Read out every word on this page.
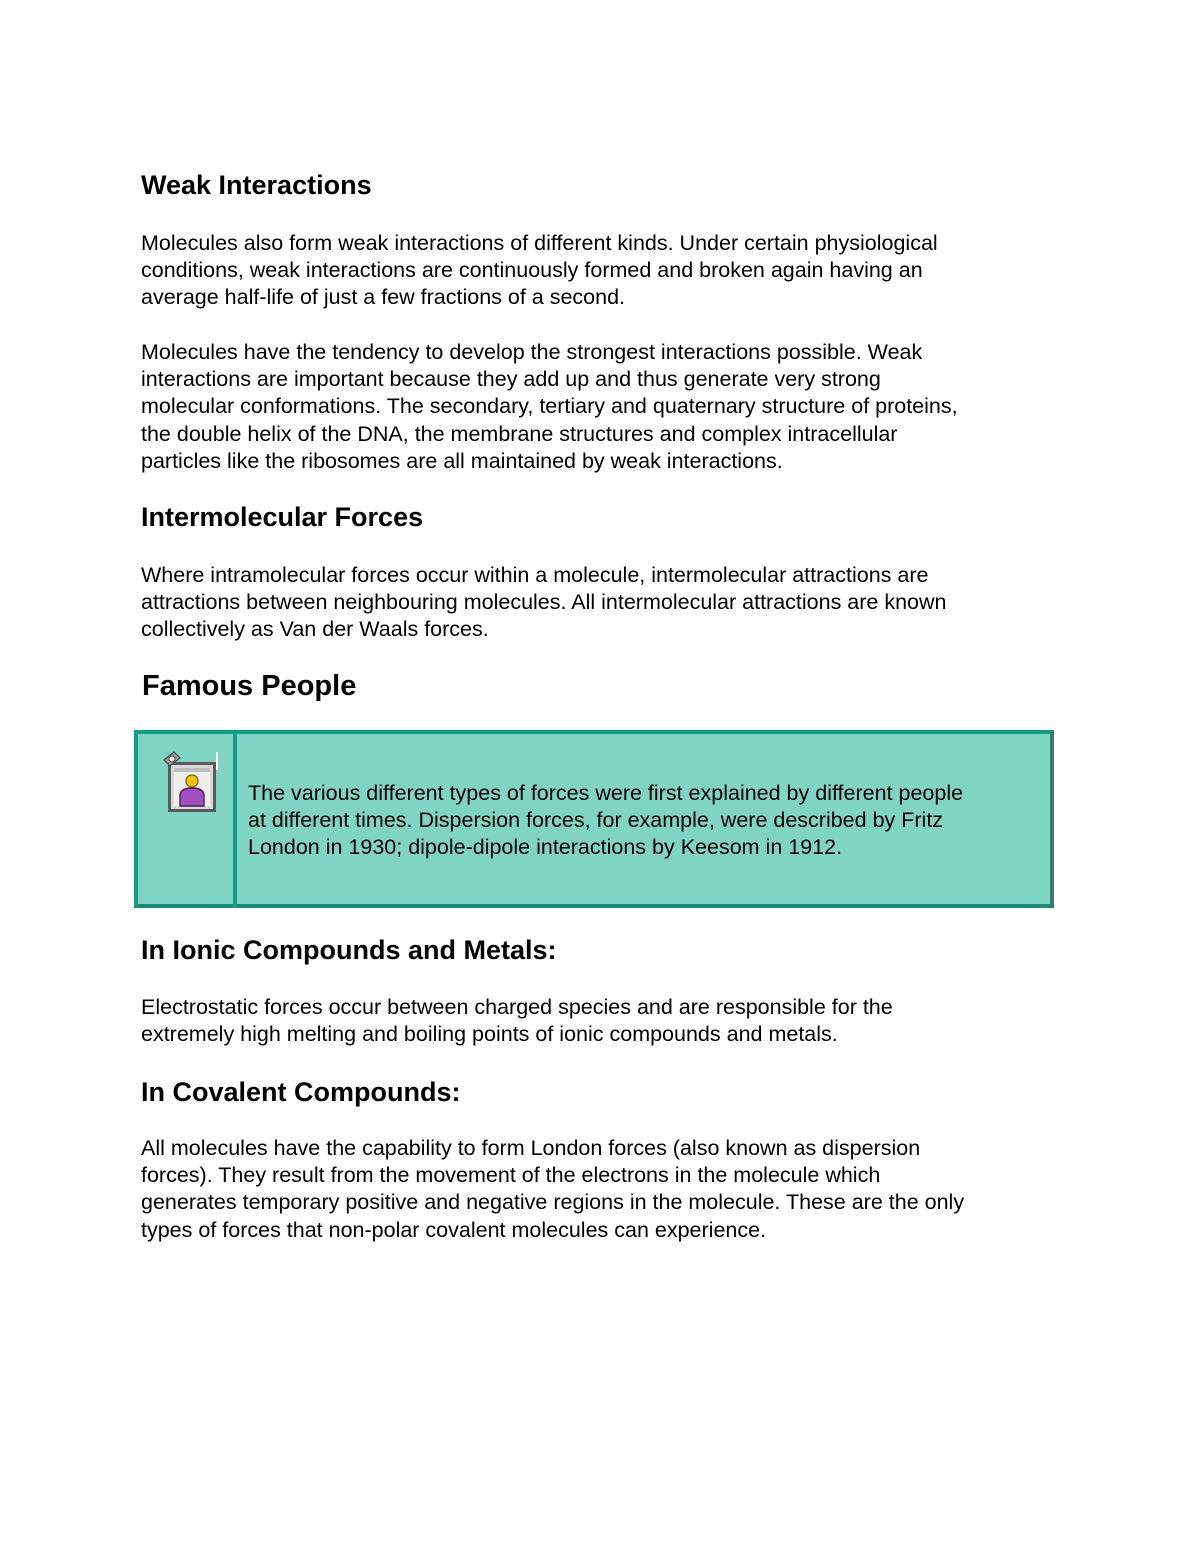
Weak Interactions

Molecules also form weak interactions of different kinds. Under certain physiological
conditions, weak interactions are continuously formed and broken again having an
average half-life of just a few fractions of a second.

Molecules have the tendency to develop the strongest interactions possible. Weak
interactions are important because they add up and thus generate very strong
molecular conformations. The secondary, tertiary and quaternary structure of proteins,
the double helix of the DNA, the membrane structures and complex intracellular
particles like the ribosomes are all maintained by weak interactions.

Intermolecular Forces

Where intramolecular forces occur within a molecule, intermolecular attractions are
attractions between neighbouring molecules. All intermolecular attractions are known
collectively as Van der Waals forces.

Famous People

The various different types of forces were first explained by different people
at different times. Dispersion forces, for example, were described by Fritz
London in 1930; dipole-dipole interactions by Keesom in 1912.

In Ionic Compounds and Metals:

Electrostatic forces occur between charged species and are responsible for the
extremely high melting and boiling points of ionic compounds and metals.

In Covalent Compounds:

All molecules have the capability to form London forces (also known as dispersion
forces). They result from the movement of the electrons in the molecule which
generates temporary positive and negative regions in the molecule. These are the only
types of forces that non-polar covalent molecules can experience.
